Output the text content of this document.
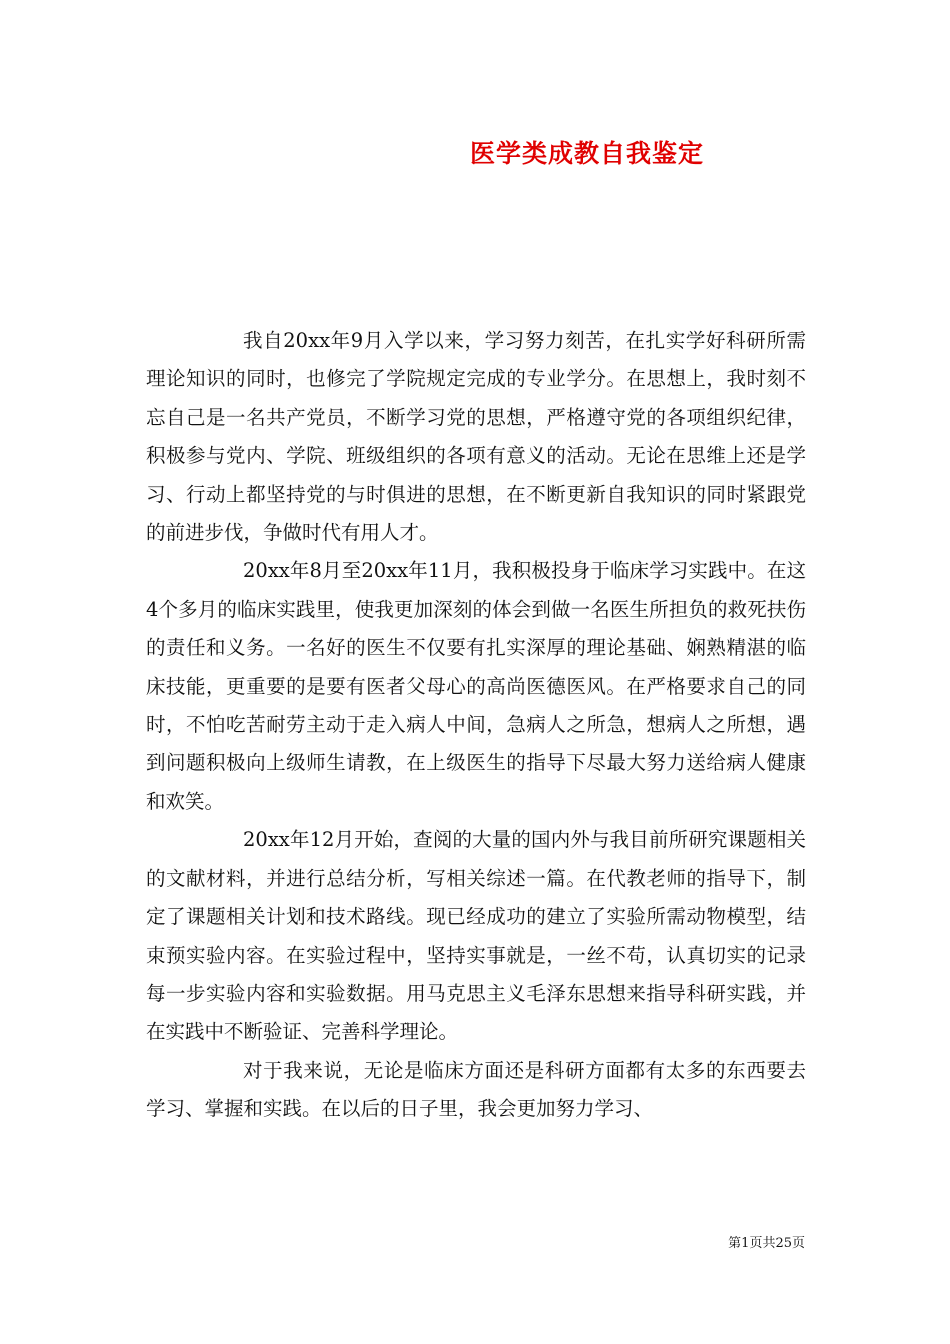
医学类成教自我鉴定

我自20xx年9月入学以来，学习努力刻苦，在扎实学好科研所需理论知识的同时，也修完了学院规定完成的专业学分。在思想上，我时刻不忘自己是一名共产党员，不断学习党的思想，严格遵守党的各项组织纪律，积极参与党内、学院、班级组织的各项有意义的活动。无论在思维上还是学习、行动上都坚持党的与时俱进的思想，在不断更新自我知识的同时紧跟党的前进步伐，争做时代有用人才。

20xx年8月至20xx年11月，我积极投身于临床学习实践中。在这4个多月的临床实践里，使我更加深刻的体会到做一名医生所担负的救死扶伤的责任和义务。一名好的医生不仅要有扎实深厚的理论基础、娴熟精湛的临床技能，更重要的是要有医者父母心的高尚医德医风。在严格要求自己的同时，不怕吃苦耐劳主动于走入病人中间，急病人之所急，想病人之所想，遇到问题积极向上级师生请教，在上级医生的指导下尽最大努力送给病人健康和欢笑。

20xx年12月开始，查阅的大量的国内外与我目前所研究课题相关的文献材料，并进行总结分析，写相关综述一篇。在代教老师的指导下，制定了课题相关计划和技术路线。现已经成功的建立了实验所需动物模型，结束预实验内容。在实验过程中，坚持实事就是，一丝不苟，认真切实的记录每一步实验内容和实验数据。用马克思主义毛泽东思想来指导科研实践，并在实践中不断验证、完善科学理论。

对于我来说，无论是临床方面还是科研方面都有太多的东西要去学习、掌握和实践。在以后的日子里，我会更加努力学习、

第1页共25页
